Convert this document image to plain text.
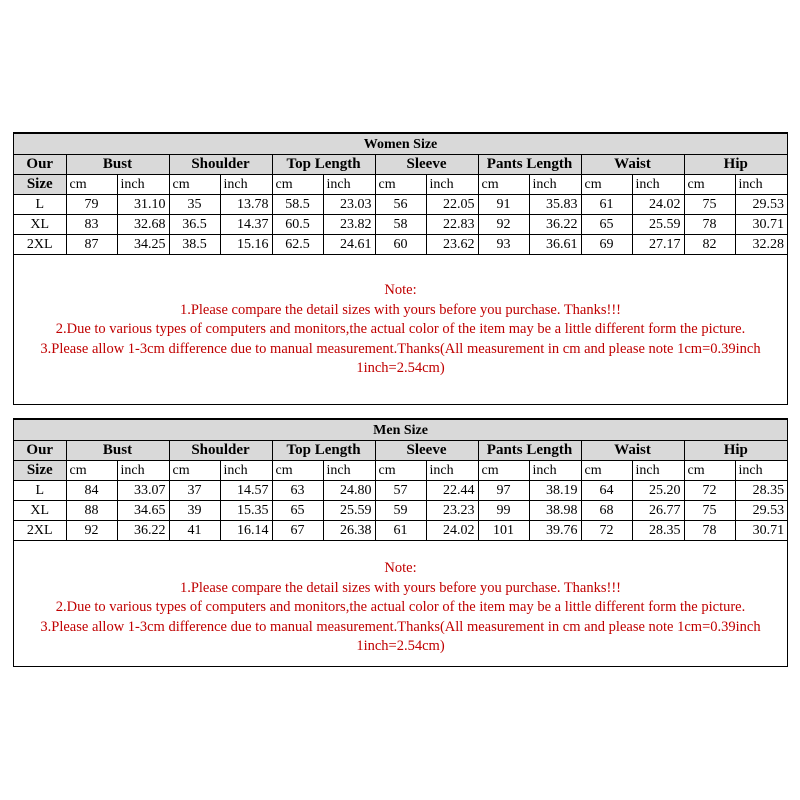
Women Size														
Our	Bust		Shoulder		Top Length		Sleeve		Pants Length		Waist		Hip	
Size	cm	inch	cm	inch	cm	inch	cm	inch	cm	inch	cm	inch	cm	inch
L	79	31.10	35	13.78	58.5	23.03	56	22.05	91	35.83	61	24.02	75	29.53
XL	83	32.68	36.5	14.37	60.5	23.82	58	22.83	92	36.22	65	25.59	78	30.71
2XL	87	34.25	38.5	15.16	62.5	24.61	60	23.62	93	36.61	69	27.17	82	32.28
Note:
1.Please compare the detail sizes with yours before you purchase. Thanks!!!
2.Due to various types of computers and monitors,the actual color of the item may be a little different form the picture.
3.Please allow 1-3cm difference due to manual measurement.Thanks(All measurement in cm and please note 1cm=0.39inch
1inch=2.54cm)
Men Size														
Our	Bust		Shoulder		Top Length		Sleeve		Pants Length		Waist		Hip	
Size	cm	inch	cm	inch	cm	inch	cm	inch	cm	inch	cm	inch	cm	inch
L	84	33.07	37	14.57	63	24.80	57	22.44	97	38.19	64	25.20	72	28.35
XL	88	34.65	39	15.35	65	25.59	59	23.23	99	38.98	68	26.77	75	29.53
2XL	92	36.22	41	16.14	67	26.38	61	24.02	101	39.76	72	28.35	78	30.71
Note:
1.Please compare the detail sizes with yours before you purchase. Thanks!!!
2.Due to various types of computers and monitors,the actual color of the item may be a little different form the picture.
3.Please allow 1-3cm difference due to manual measurement.Thanks(All measurement in cm and please note 1cm=0.39inch
1inch=2.54cm)
